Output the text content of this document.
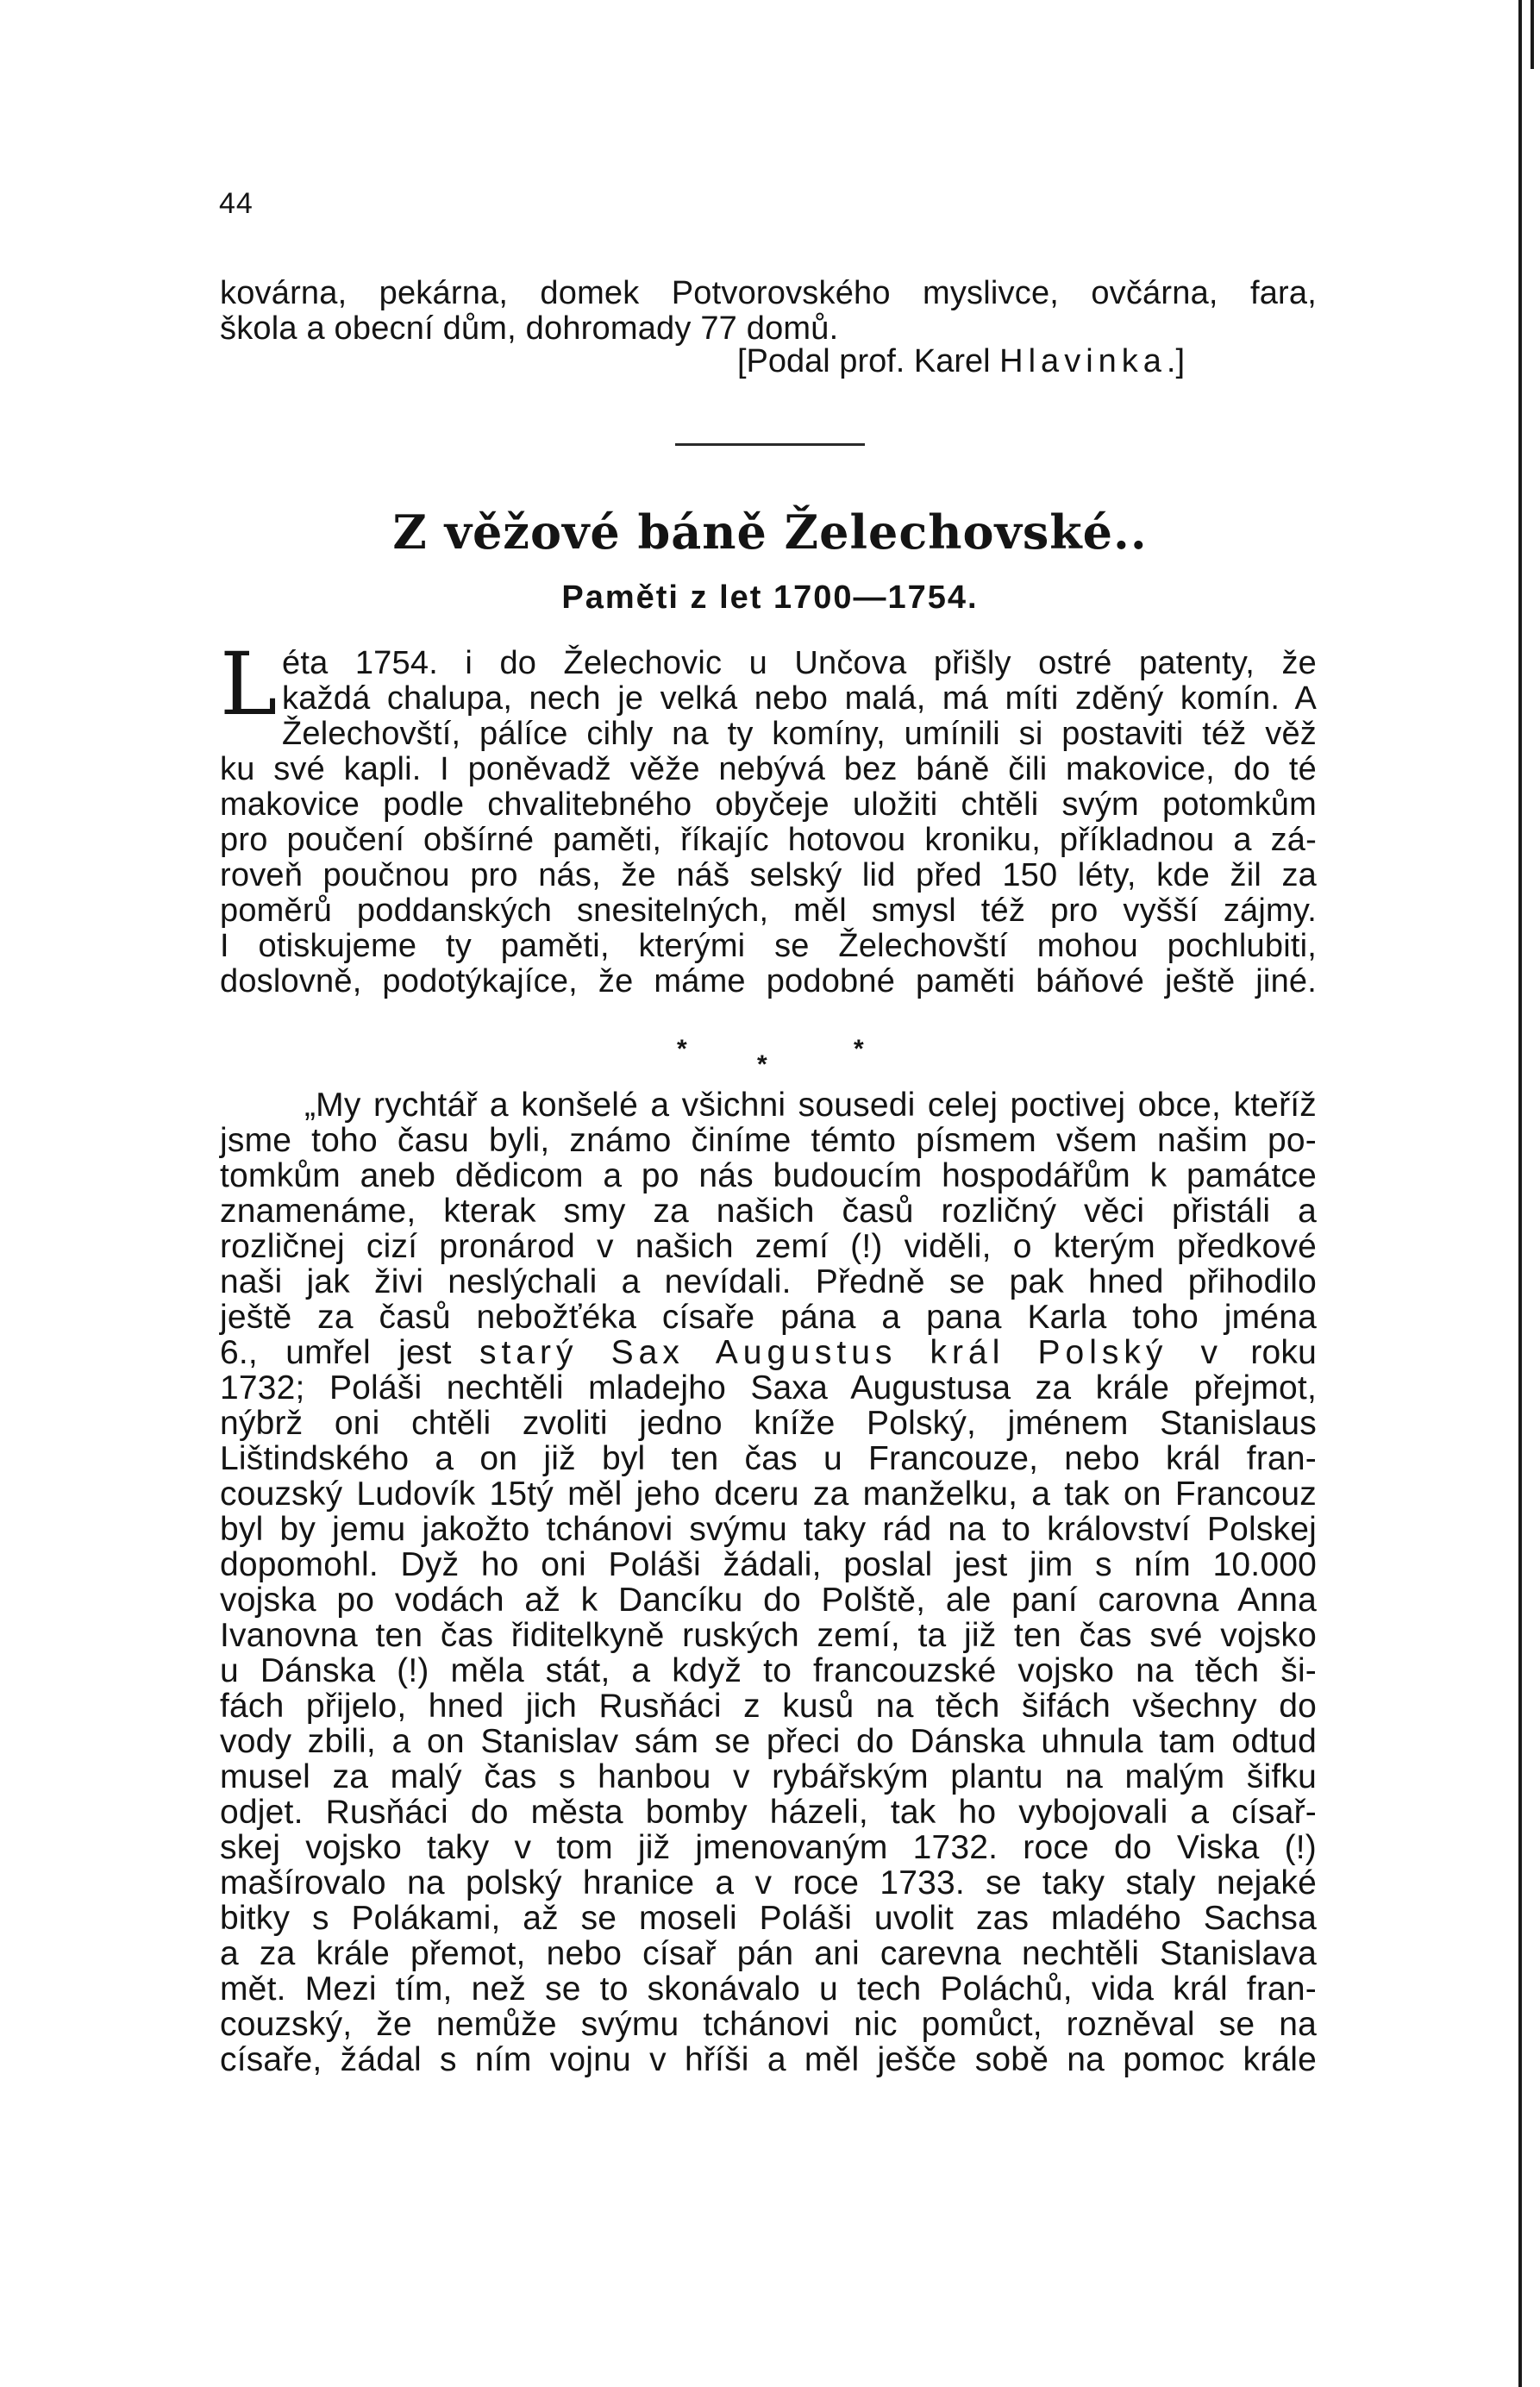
44
kovárna, pekárna, domek Potvorovského myslivce, ovčárna, fara,
škola a obecní dům, dohromady 77 domů.
[Podal prof. Karel Hlavinka.]
Z věžové báně Želechovské..
Paměti z let 1700—1754.
L éta 1754. i do Želechovic u Unčova přišly ostré patenty, že
každá chalupa, nech je velká nebo malá, má míti zděný komín. A
Želechovští, pálíce cihly na ty komíny, umínili si postaviti též věž
ku své kapli. I poněvadž věže nebývá bez báně čili makovice, do té
makovice podle chvalitebného obyčeje uložiti chtěli svým potomkům
pro poučení obšírné paměti, říkajíc hotovou kroniku, příkladnou a zá-
roveň poučnou pro nás, že náš selský lid před 150 léty, kde žil za
poměrů poddanských snesitelných, měl smysl též pro vyšší zájmy.
I otiskujeme ty paměti, kterými se Želechovští mohou pochlubiti,
doslovně, podotýkajíce, že máme podobné paměti báňové ještě jiné.
*
*
*
„My rychtář a konšelé a všichni sousedi celej poctivej obce, kteříž
jsme toho času byli, známo činíme témto písmem všem našim po-
tomkům aneb dědicom a po nás budoucím hospodářům k památce
znamenáme, kterak smy za našich časů rozličný věci přistáli a
rozličnej cizí pronárod v našich zemí (!) viděli, o kterým předkové
naši jak živi neslýchali a nevídali. Předně se pak hned přihodilo
ještě za časů nebožťéka císaře pána a pana Karla toho jména
6., umřel jest starý Sax Augustus král Polský v roku
1732; Poláši nechtěli mladejho Saxa Augustusa za krále přejmot,
nýbrž oni chtěli zvoliti jedno kníže Polský, jménem Stanislaus
Lištindského a on již byl ten čas u Francouze, nebo král fran-
couzský Ludovík 15tý měl jeho dceru za manželku, a tak on Francouz
byl by jemu jakožto tchánovi svýmu taky rád na to království Polskej
dopomohl. Dyž ho oni Poláši žádali, poslal jest jim s ním 10.000
vojska po vodách až k Dancíku do Polště, ale paní carovna Anna
Ivanovna ten čas řiditelkyně ruských zemí, ta již ten čas své vojsko
u Dánska (!) měla stát, a když to francouzské vojsko na těch ši-
fách přijelo, hned jich Rusňáci z kusů na těch šifách všechny do
vody zbili, a on Stanislav sám se přeci do Dánska uhnula tam odtud
musel za malý čas s hanbou v rybářským plantu na malým šifku
odjet. Rusňáci do města bomby házeli, tak ho vybojovali a císař-
skej vojsko taky v tom již jmenovaným 1732. roce do Viska (!)
mašírovalo na polský hranice a v roce 1733. se taky staly nejaké
bitky s Polákami, až se moseli Poláši uvolit zas mladého Sachsa
a za krále přemot, nebo císař pán ani carevna nechtěli Stanislava
mět. Mezi tím, než se to skonávalo u tech Poláchů, vida král fran-
couzský, že nemůže svýmu tchánovi nic pomůct, rozněval se na
císaře, žádal s ním vojnu v hříši a měl ješče sobě na pomoc krále
